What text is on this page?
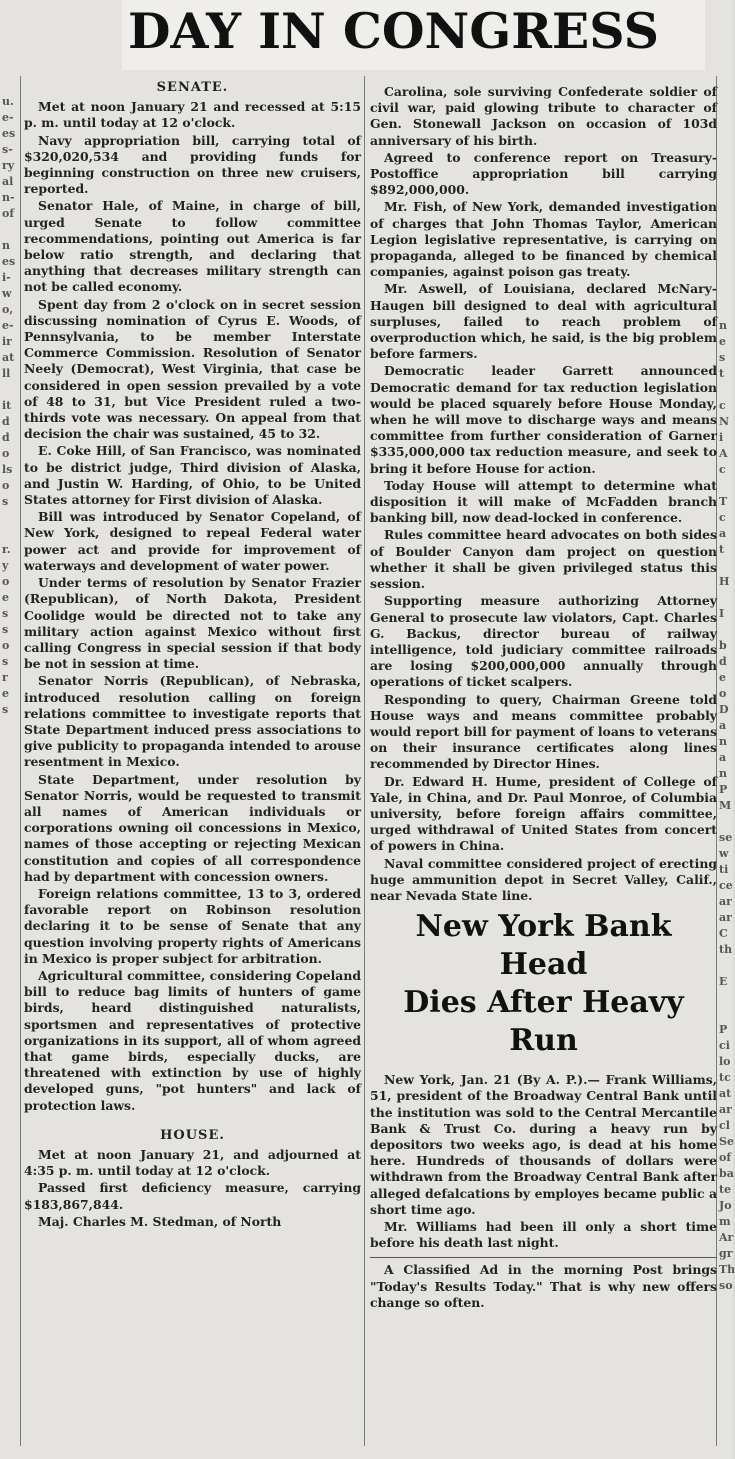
DAY IN CONGRESS
u.
e-
es
s-
ry
al
n-
of
n
es
i-
w
o,
e-
ir
at
ll
it
d
d
o
ls
o
s
r.
y
o
e
s
s
o
s
r
e
s
n
e
s
t
c
N
i
A
c
T
c
a
t
H
I
b
d
e
o
D
a
n
a
n
P
M
se
w
ti
ce
ar
ar
C
th
E
P
ci
lo
tc
at
ar
cl
Se
of
ba
te
Jo
m
Ar
gr
Th
so

SENATE.

Met at noon January 21 and recessed at 5:15 p. m. until today at 12 o'clock.

Navy appropriation bill, carrying total of $320,020,534 and providing funds for beginning construction on three new cruisers, reported.

Senator Hale, of Maine, in charge of bill, urged Senate to follow committee recommendations, pointing out America is far below ratio strength, and declaring that anything that decreases military strength can not be called economy.

Spent day from 2 o'clock on in secret session discussing nomination of Cyrus E. Woods, of Pennsylvania, to be member Interstate Commerce Commission. Resolution of Senator Neely (Democrat), West Virginia, that case be considered in open session prevailed by a vote of 48 to 31, but Vice President ruled a two-thirds vote was necessary. On appeal from that decision the chair was sustained, 45 to 32.

E. Coke Hill, of San Francisco, was nominated to be district judge, Third division of Alaska, and Justin W. Harding, of Ohio, to be United States attorney for First division of Alaska.

Bill was introduced by Senator Copeland, of New York, designed to repeal Federal water power act and provide for improvement of waterways and development of water power.

Under terms of resolution by Senator Frazier (Republican), of North Dakota, President Coolidge would be directed not to take any military action against Mexico without first calling Congress in special session if that body be not in session at time.

Senator Norris (Republican), of Nebraska, introduced resolution calling on foreign relations committee to investigate reports that State Department induced press associations to give publicity to propaganda intended to arouse resentment in Mexico.

State Department, under resolution by Senator Norris, would be requested to transmit all names of American individuals or corporations owning oil concessions in Mexico, names of those accepting or rejecting Mexican constitution and copies of all correspondence had by department with concession owners.

Foreign relations committee, 13 to 3, ordered favorable report on Robinson resolution declaring it to be sense of Senate that any question involving property rights of Americans in Mexico is proper subject for arbitration.

Agricultural committee, considering Copeland bill to reduce bag limits of hunters of game birds, heard distinguished naturalists, sportsmen and representatives of protective organizations in its support, all of whom agreed that game birds, especially ducks, are threatened with extinction by use of highly developed guns, "pot hunters" and lack of protection laws.

HOUSE.

Met at noon January 21, and adjourned at 4:35 p. m. until today at 12 o'clock.

Passed first deficiency measure, carrying $183,867,844.

Maj. Charles M. Stedman, of North

Carolina, sole surviving Confederate soldier of civil war, paid glowing tribute to character of Gen. Stonewall Jackson on occasion of 103d anniversary of his birth.

Agreed to conference report on Treasury-Postoffice appropriation bill carrying $892,000,000.

Mr. Fish, of New York, demanded investigation of charges that John Thomas Taylor, American Legion legislative representative, is carrying on propaganda, alleged to be financed by chemical companies, against poison gas treaty.

Mr. Aswell, of Louisiana, declared McNary-Haugen bill designed to deal with agricultural surpluses, failed to reach problem of overproduction which, he said, is the big problem before farmers.

Democratic leader Garrett announced Democratic demand for tax reduction legislation would be placed squarely before House Monday, when he will move to discharge ways and means committee from further consideration of Garner $335,000,000 tax reduction measure, and seek to bring it before House for action.

Today House will attempt to determine what disposition it will make of McFadden branch banking bill, now dead-locked in conference.

Rules committee heard advocates on both sides of Boulder Canyon dam project on question whether it shall be given privileged status this session.

Supporting measure authorizing Attorney General to prosecute law violators, Capt. Charles G. Backus, director bureau of railway intelligence, told judiciary committee railroads are losing $200,000,000 annually through operations of ticket scalpers.

Responding to query, Chairman Greene told House ways and means committee probably would report bill for payment of loans to veterans on their insurance certificates along lines recommended by Director Hines.

Dr. Edward H. Hume, president of College of Yale, in China, and Dr. Paul Monroe, of Columbia university, before foreign affairs committee, urged withdrawal of United States from concert of powers in China.

Naval committee considered project of erecting huge ammunition depot in Secret Valley, Calif., near Nevada State line.

New York Bank Head
Dies After Heavy Run

New York, Jan. 21 (By A. P.).— Frank Williams, 51, president of the Broadway Central Bank until the institution was sold to the Central Mercantile Bank & Trust Co. during a heavy run by depositors two weeks ago, is dead at his home here. Hundreds of thousands of dollars were withdrawn from the Broadway Central Bank after alleged defalcations by employes became public a short time ago.

Mr. Williams had been ill only a short time before his death last night.

A Classified Ad in the morning Post brings "Today's Results Today." That is why new offers change so often.
